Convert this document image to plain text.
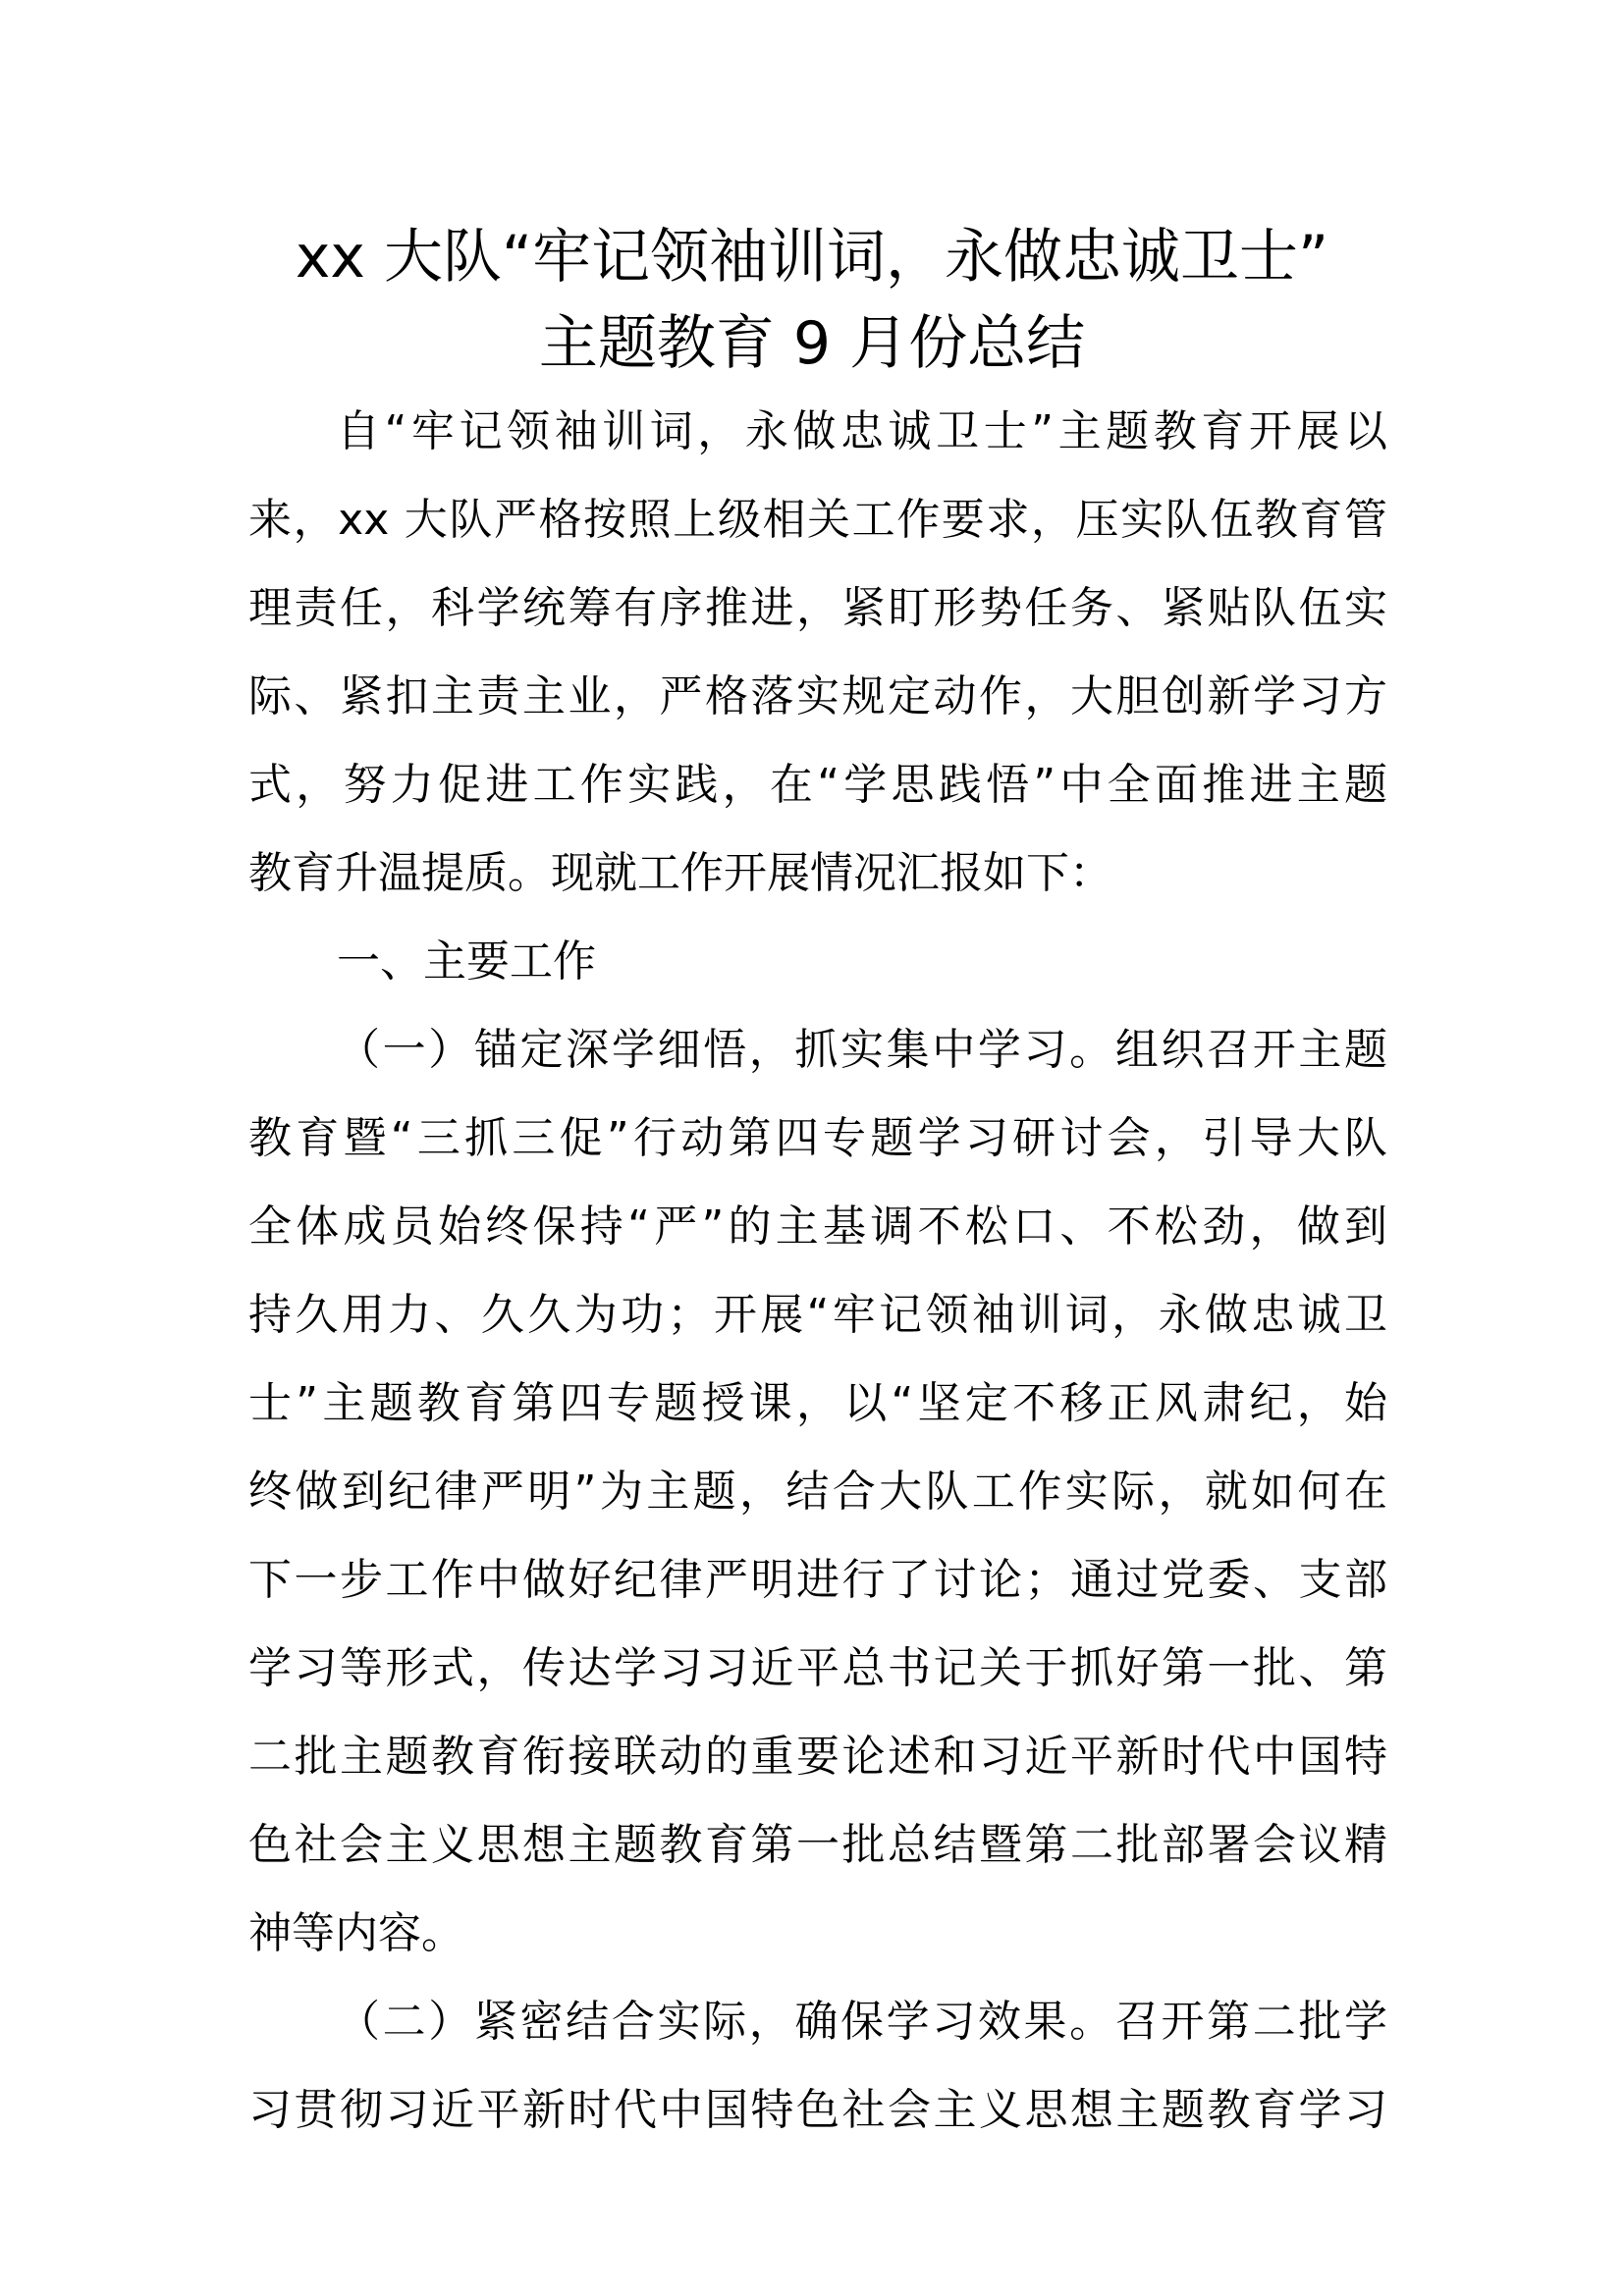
xx 大队“牢记领袖训词，永做忠诚卫士”
主题教育 9 月份总结
自“牢记领袖训词，永做忠诚卫士”主题教育开展以
来，xx 大队严格按照上级相关工作要求，压实队伍教育管
理责任，科学统筹有序推进，紧盯形势任务、紧贴队伍实
际、紧扣主责主业，严格落实规定动作，大胆创新学习方
式，努力促进工作实践，在“学思践悟”中全面推进主题
教育升温提质。现就工作开展情况汇报如下：
一、主要工作
（一）锚定深学细悟，抓实集中学习。组织召开主题
教育暨“三抓三促”行动第四专题学习研讨会，引导大队
全体成员始终保持“严”的主基调不松口、不松劲，做到
持久用力、久久为功；开展“牢记领袖训词，永做忠诚卫
士”主题教育第四专题授课，以“坚定不移正风肃纪，始
终做到纪律严明”为主题，结合大队工作实际，就如何在
下一步工作中做好纪律严明进行了讨论；通过党委、支部
学习等形式，传达学习习近平总书记关于抓好第一批、第
二批主题教育衔接联动的重要论述和习近平新时代中国特
色社会主义思想主题教育第一批总结暨第二批部署会议精
神等内容。
（二）紧密结合实际，确保学习效果。召开第二批学
习贯彻习近平新时代中国特色社会主义思想主题教育学习
